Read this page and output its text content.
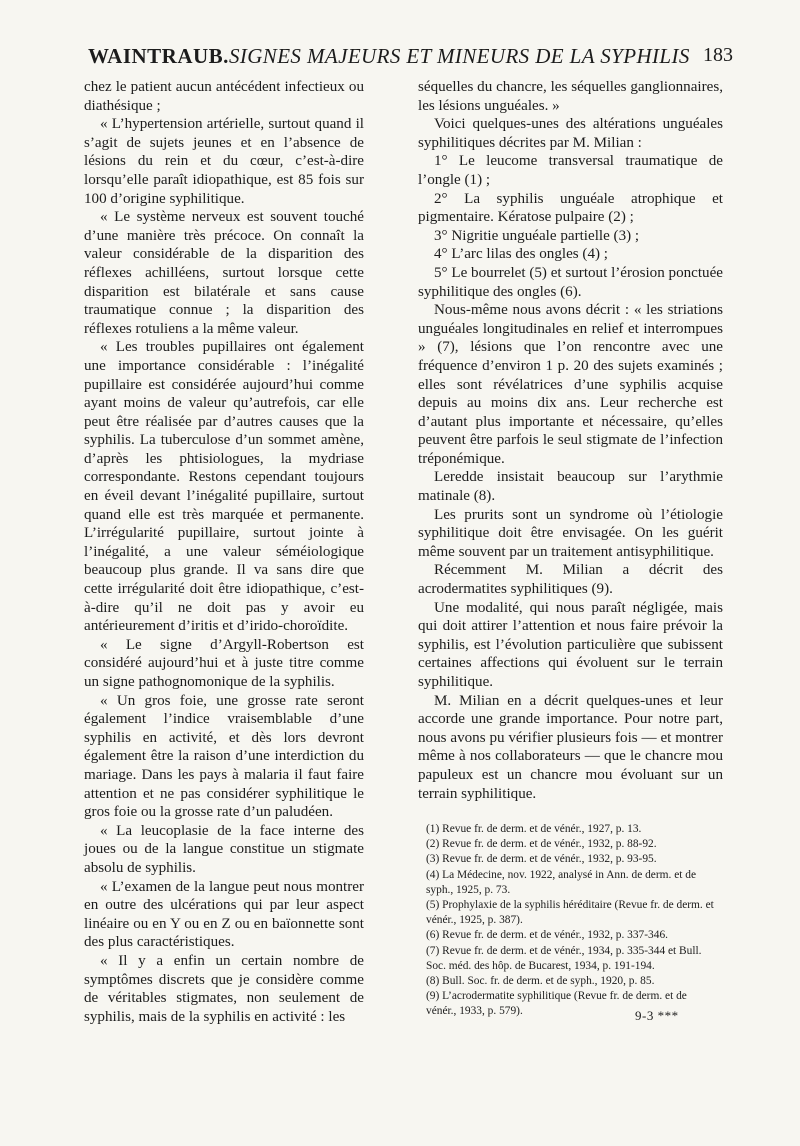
WAINTRAUB.SIGNES MAJEURS ET MINEURS DE LA SYPHILIS 183

chez le patient aucun antécédent infectieux ou diathésique ;

« L’hypertension artérielle, surtout quand il s’agit de sujets jeunes et en l’absence de lésions du rein et du cœur, c’est-à-dire lorsqu’elle paraît idiopathique, est 85 fois sur 100 d’origine syphilitique.

« Le système nerveux est souvent touché d’une manière très précoce. On connaît la valeur considérable de la disparition des réflexes achilléens, surtout lorsque cette disparition est bilatérale et sans cause traumatique connue ; la disparition des réflexes rotuliens a la même valeur.

« Les troubles pupillaires ont également une importance considérable : l’inégalité pupillaire est considérée aujourd’hui comme ayant moins de valeur qu’autrefois, car elle peut être réalisée par d’autres causes que la syphilis. La tuberculose d’un sommet amène, d’après les phtisiologues, la mydriase correspondante. Restons cependant toujours en éveil devant l’inégalité pupillaire, surtout quand elle est très marquée et permanente. L’irrégularité pupillaire, surtout jointe à l’inégalité, a une valeur séméiologique beaucoup plus grande. Il va sans dire que cette irrégularité doit être idiopathique, c’est-à-dire qu’il ne doit pas y avoir eu antérieurement d’iritis et d’irido-choroïdite.

« Le signe d’Argyll-Robertson est considéré aujourd’hui et à juste titre comme un signe pathognomonique de la syphilis.

« Un gros foie, une grosse rate seront également l’indice vraisemblable d’une syphilis en activité, et dès lors devront également être la raison d’une interdiction du mariage. Dans les pays à malaria il faut faire attention et ne pas considérer syphilitique le gros foie ou la grosse rate d’un paludéen.

« La leucoplasie de la face interne des joues ou de la langue constitue un stigmate absolu de syphilis.

« L’examen de la langue peut nous montrer en outre des ulcérations qui par leur aspect linéaire ou en Y ou en Z ou en baïonnette sont des plus caractéristiques.

« Il y a enfin un certain nombre de symptômes discrets que je considère comme de véritables stigmates, non seulement de syphilis, mais de la syphilis en activité : les

séquelles du chancre, les séquelles ganglionnaires, les lésions unguéales. »

Voici quelques-unes des altérations unguéales syphilitiques décrites par M. Milian :

1° Le leucome transversal traumatique de l’ongle (1) ;

2° La syphilis unguéale atrophique et pigmentaire. Kératose pulpaire (2) ;

3° Nigritie unguéale partielle (3) ;

4° L’arc lilas des ongles (4) ;

5° Le bourrelet (5) et surtout l’érosion ponctuée syphilitique des ongles (6).

Nous-même nous avons décrit : « les striations unguéales longitudinales en relief et interrompues » (7), lésions que l’on rencontre avec une fréquence d’environ 1 p. 20 des sujets examinés ; elles sont révélatrices d’une syphilis acquise depuis au moins dix ans. Leur recherche est d’autant plus importante et nécessaire, qu’elles peuvent être parfois le seul stigmate de l’infection tréponémique.

Leredde insistait beaucoup sur l’arythmie matinale (8).

Les prurits sont un syndrome où l’étiologie syphilitique doit être envisagée. On les guérit même souvent par un traitement antisyphilitique.

Récemment M. Milian a décrit des acrodermatites syphilitiques (9).

Une modalité, qui nous paraît négligée, mais qui doit attirer l’attention et nous faire prévoir la syphilis, est l’évolution particulière que subissent certaines affections qui évoluent sur le terrain syphilitique.

M. Milian en a décrit quelques-unes et leur accorde une grande importance. Pour notre part, nous avons pu vérifier plusieurs fois — et montrer même à nos collaborateurs — que le chancre mou papuleux est un chancre mou évoluant sur un terrain syphilitique.

(1) Revue fr. de derm. et de vénér., 1927, p. 13.

(2) Revue fr. de derm. et de vénér., 1932, p. 88-92.

(3) Revue fr. de derm. et de vénér., 1932, p. 93-95.

(4) La Médecine, nov. 1922, analysé in Ann. de derm. et de syph., 1925, p. 73.

(5) Prophylaxie de la syphilis héréditaire (Revue fr. de derm. et vénér., 1925, p. 387).

(6) Revue fr. de derm. et de vénér., 1932, p. 337-346.

(7) Revue fr. de derm. et de vénér., 1934, p. 335-344 et Bull. Soc. méd. des hôp. de Bucarest, 1934, p. 191-194.

(8) Bull. Soc. fr. de derm. et de syph., 1920, p. 85.

(9) L’acrodermatite syphilitique (Revue fr. de derm. et de vénér., 1933, p. 579).	9-3 ***
